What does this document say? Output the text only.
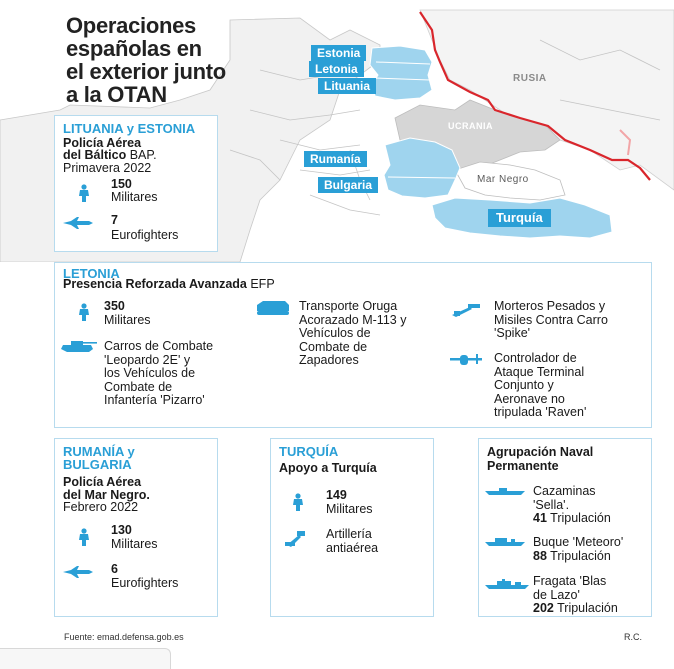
Operaciones
españolas en
el exterior junto
a la OTAN
Estonia
Letonia
Lituania
Rumanía
Bulgaria
Turquía
RUSIA
UCRANIA
Mar Negro
LITUANIA y ESTONIA
Policía Aérea
del Báltico BAP.
Primavera 2022
150
Militares
7
Eurofighters
LETONIA
Presencia Reforzada Avanzada EFP
350
Militares
Carros de Combate
'Leopardo 2E' y
los Vehículos de
Combate de
Infantería 'Pizarro'
Transporte Oruga
Acorazado M-113 y
Vehículos de
Combate de
Zapadores
Morteros Pesados y
Misiles Contra Carro
'Spike'
Controlador de
Ataque Terminal
Conjunto y
Aeronave no
tripulada 'Raven'
RUMANÍA y
BULGARIA
Policía Aérea
del Mar Negro.
Febrero 2022
130
Militares
6
Eurofighters
TURQUÍA
Apoyo a Turquía
149
Militares
Artillería
antiaérea
Agrupación Naval
Permanente
Cazaminas
'Sella'.
41 Tripulación
Buque 'Meteoro'
88 Tripulación
Fragata 'Blas
de Lazo'
202 Tripulación
Fuente: emad.defensa.gob.es	R.C.
